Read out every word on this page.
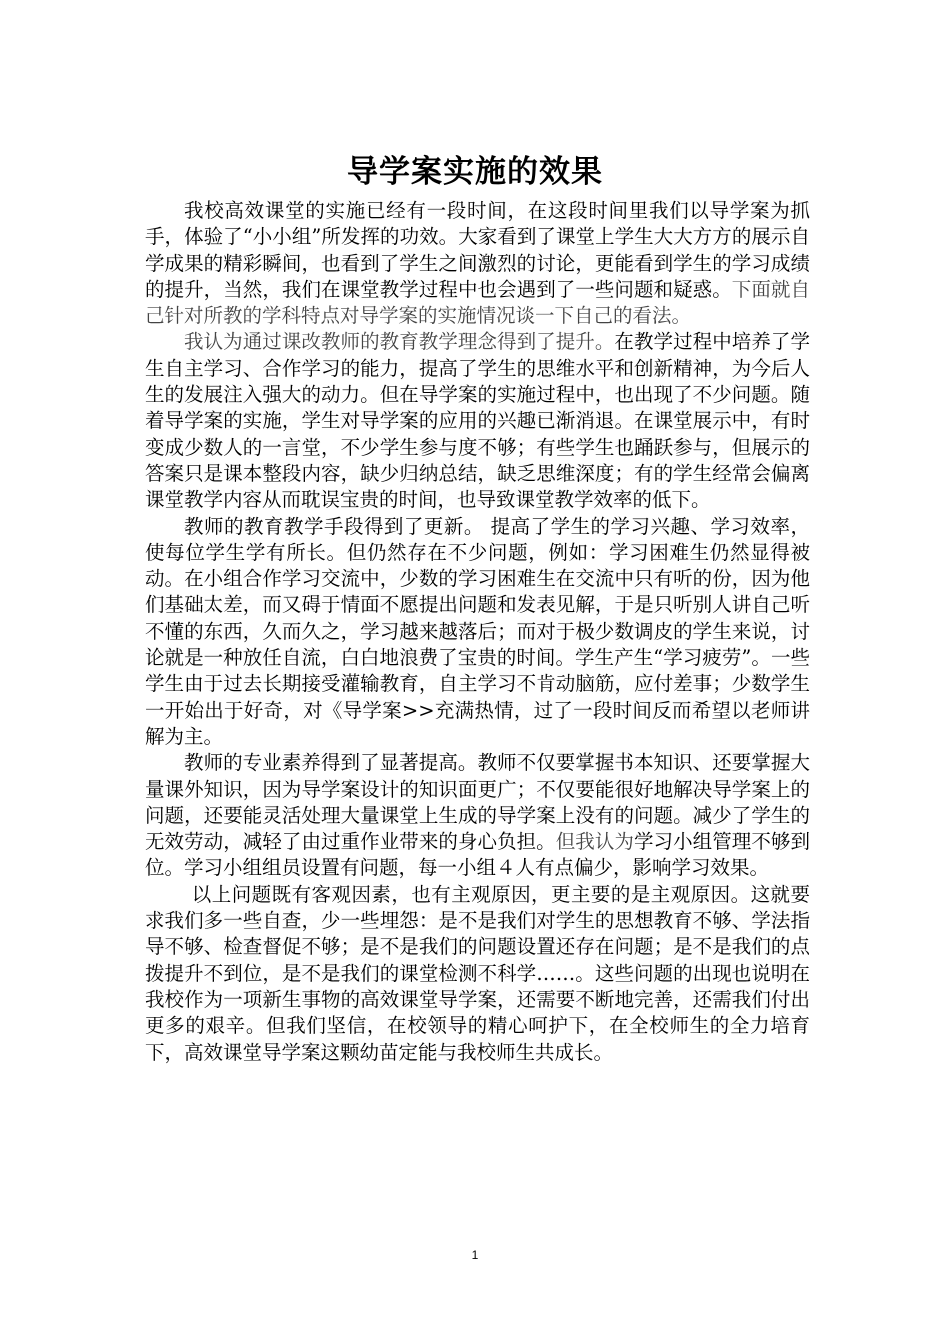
导学案实施的效果

我校高效课堂的实施已经有一段时间，在这段时间里我们以导学案为抓手，体验了“小小组”所发挥的功效。大家看到了课堂上学生大大方方的展示自学成果的精彩瞬间，也看到了学生之间激烈的讨论，更能看到学生的学习成绩的提升，当然，我们在课堂教学过程中也会遇到了一些问题和疑惑。下面就自己针对所教的学科特点对导学案的实施情况谈一下自己的看法。

我认为通过课改教师的教育教学理念得到了提升。在教学过程中培养了学生自主学习、合作学习的能力，提高了学生的思维水平和创新精神，为今后人生的发展注入强大的动力。但在导学案的实施过程中，也出现了不少问题。随着导学案的实施，学生对导学案的应用的兴趣已渐消退。在课堂展示中，有时变成少数人的一言堂，不少学生参与度不够；有些学生也踊跃参与，但展示的答案只是课本整段内容，缺少归纳总结，缺乏思维深度；有的学生经常会偏离课堂教学内容从而耽误宝贵的时间，也导致课堂教学效率的低下。

教师的教育教学手段得到了更新。 提高了学生的学习兴趣、学习效率，使每位学生学有所长。但仍然存在不少问题，例如：学习困难生仍然显得被动。在小组合作学习交流中，少数的学习困难生在交流中只有听的份，因为他们基础太差，而又碍于情面不愿提出问题和发表见解，于是只听别人讲自己听不懂的东西，久而久之，学习越来越落后；而对于极少数调皮的学生来说，讨论就是一种放任自流，白白地浪费了宝贵的时间。学生产生“学习疲劳”。一些学生由于过去长期接受灌输教育，自主学习不肯动脑筋，应付差事；少数学生一开始出于好奇，对《导学案>>充满热情，过了一段时间反而希望以老师讲解为主。

教师的专业素养得到了显著提高。教师不仅要掌握书本知识、还要掌握大量课外知识，因为导学案设计的知识面更广；不仅要能很好地解决导学案上的问题，还要能灵活处理大量课堂上生成的导学案上没有的问题。减少了学生的无效劳动，减轻了由过重作业带来的身心负担。但我认为学习小组管理不够到位。学习小组组员设置有问题，每一小组４人有点偏少，影响学习效果。

以上问题既有客观因素，也有主观原因，更主要的是主观原因。这就要求我们多一些自查，少一些埋怨：是不是我们对学生的思想教育不够、学法指导不够、检查督促不够；是不是我们的问题设置还存在问题；是不是我们的点拨提升不到位，是不是我们的课堂检测不科学……。这些问题的出现也说明在我校作为一项新生事物的高效课堂导学案，还需要不断地完善，还需我们付出更多的艰辛。但我们坚信，在校领导的精心呵护下，在全校师生的全力培育下，高效课堂导学案这颗幼苗定能与我校师生共成长。

1
